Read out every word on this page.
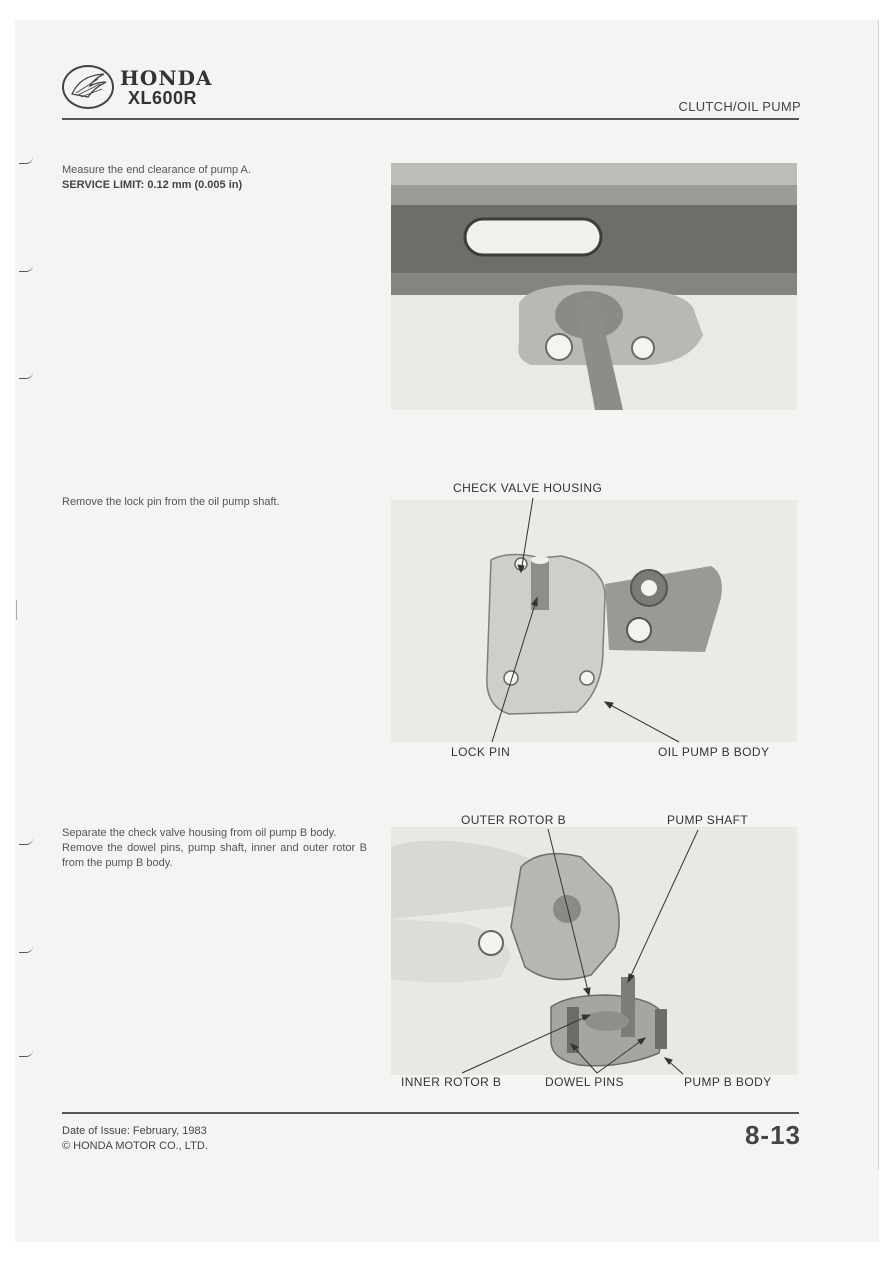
HONDA
XL600R	CLUTCH/OIL PUMP
Measure the end clearance of pump A.
SERVICE LIMIT: 0.12 mm (0.005 in)
Remove the lock pin from the oil pump shaft.
CHECK VALVE HOUSING
LOCK PIN	OIL PUMP B BODY
Separate the check valve housing from oil pump B body.
Remove the dowel pins, pump shaft, inner and outer rotor B from the pump B body.
OUTER ROTOR B	PUMP SHAFT
INNER ROTOR B	DOWEL PINS	PUMP B BODY
Date of Issue: February, 1983
© HONDA MOTOR CO., LTD.	8-13
